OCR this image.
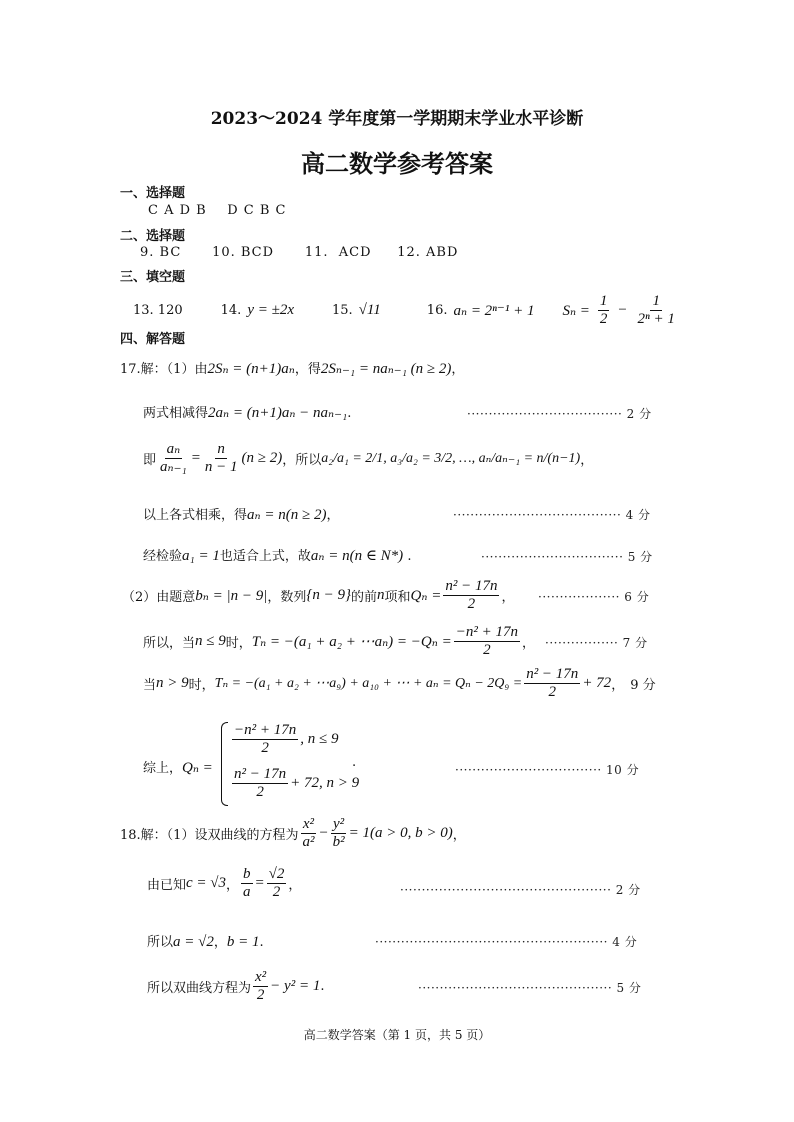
2023～2024 学年度第一学期期末学业水平诊断
高二数学参考答案
一、选择题
C A D B    D C B C
二、选择题
9. BC      10. BCD      11.  ACD     12. ABD
三、填空题
13. 120	14. y = ±2x	15. √11	16. aₙ = 2ⁿ⁻¹ + 1 $S_n = \frac{1}{2} - \frac{1}{\text{2ⁿ + 1}}$
四、解答题
17.解：（1）由2Sₙ = (n+1)aₙ，得2Sₙ₋₁ = naₙ₋₁ (n ≥ 2)，
两式相减得2aₙ = (n+1)aₙ − naₙ₋₁.	···································· 2 分
即 $\frac{\text{aₙ}}{\text{aₙ₋₁}} = \frac{n}{n - 1} (n \ge 2)$ ，所以 a₂/a₁ = 2/1, a₃/a₂ = 3/2, …, aₙ/aₙ₋₁ = n/(n−1) ，
以上各式相乘，得aₙ = n(n ≥ 2)，	······································· 4 分
经检验a₁ = 1也适合上式，故aₙ = n(n ∈ N*) .	································· 5 分
（2）由题意 bₙ = |n − 9| ，数列 {n − 9} 的前 n 项和 $Q_n = \frac{\text{n² − 17n}}{2}$ ， ··················· 6 分
所以，当 n ≤ 9 时， Tₙ = −(a₁ + a₂ + ⋯aₙ) = $-Q_n = \frac{\text{−n² + 17n}}{2}$ ， ················· 7 分
当 n > 9 时， Tₙ = −(a₁ + a₂ + ⋯a₉) + a₁₀ + ⋯ + $a_n = Q_n - 2Q_9 = \frac{\text{n² − 17n}}{2} + 72$ ， 9 分
综上，Qₙ =
$\frac{\text{−n² + 17n}}{2}$ , n ≤ 9
$\frac{\text{n² − 17n}}{2} + 72$, n > 9
.	·································· 10 分
18.解：（1）设双曲线的方程为 $\frac{\text{x²}}{\text{a²}} - \frac{\text{y²}}{\text{b²}} = 1(a > 0$, b > 0) ，
由已知 c = √3 ， $\frac{b}{a} = \frac{√2}{2}$ ，	················································· 2 分
所以a = √2，b = 1.	······················································ 4 分
所以双曲线方程为 $\frac{\text{x²}}{2} - y^2 = 1$ .	············································· 5 分
高二数学答案（第 1 页，共 5 页）
